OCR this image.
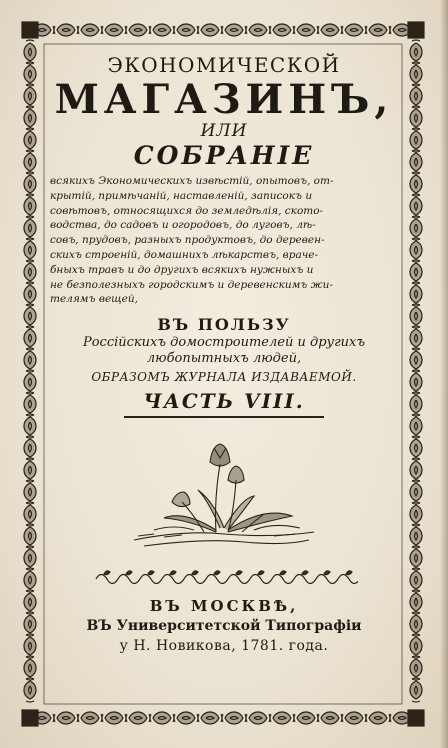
ЭКОНОМИЧЕСКОЙ
МАГАЗИНЪ,
ИЛИ
СОБРАНІЕ
всякихъ Экономическихъ извѣстій, опытовъ, от-
крытій, примѣчаній, наставленій, записокъ и
совѣтовъ, относящихся до земледѣлія, ското-
водства, до садовъ и огородовъ, до луговъ, лѣ-
совъ, прудовъ, разныхъ продуктовъ, до деревен-
скихъ строеній, домашнихъ лѣкарствъ, враче-
бныхъ травъ и до другихъ всякихъ нужныхъ и
не безполезныхъ городскимъ и деревенскимъ жи-
телямъ вещей,
ВЪ ПОЛЬЗУ
Россійскихъ домостроителей и другихъ
любопытныхъ людей,
ОБРАЗОМЪ ЖУРНАЛА ИЗДАВАЕМОЙ.
ЧАСТЬ VIII.
ВЪ МОСКВѢ,
ВЪ Университетской Типографіи
у Н. Новикова, 1781. года.
